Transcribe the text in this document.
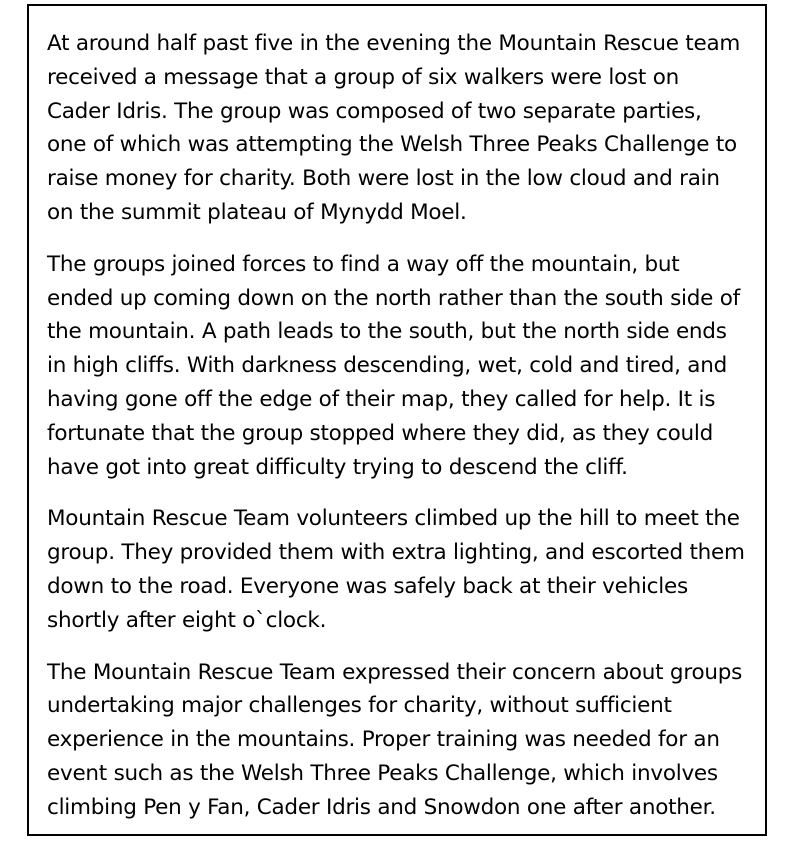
At around half past five in the evening the Mountain Rescue team received a message that a group of six walkers were lost on Cader Idris. The group was composed of two separate parties, one of which was attempting the Welsh Three Peaks Challenge to raise money for charity. Both were lost in the low cloud and rain on the summit plateau of Mynydd Moel.

The groups joined forces to find a way off the mountain, but ended up coming down on the north rather than the south side of the mountain. A path leads to the south, but the north side ends in high cliffs. With darkness descending, wet, cold and tired, and having gone off the edge of their map, they called for help. It is fortunate that the group stopped where they did, as they could have got into great difficulty trying to descend the cliff.

Mountain Rescue Team volunteers climbed up the hill to meet the group. They provided them with extra lighting, and escorted them down to the road. Everyone was safely back at their vehicles shortly after eight o`clock.

The Mountain Rescue Team expressed their concern about groups undertaking major challenges for charity, without sufficient experience in the mountains. Proper training was needed for an event such as the Welsh Three Peaks Challenge, which involves climbing Pen y Fan, Cader Idris and Snowdon one after another.
